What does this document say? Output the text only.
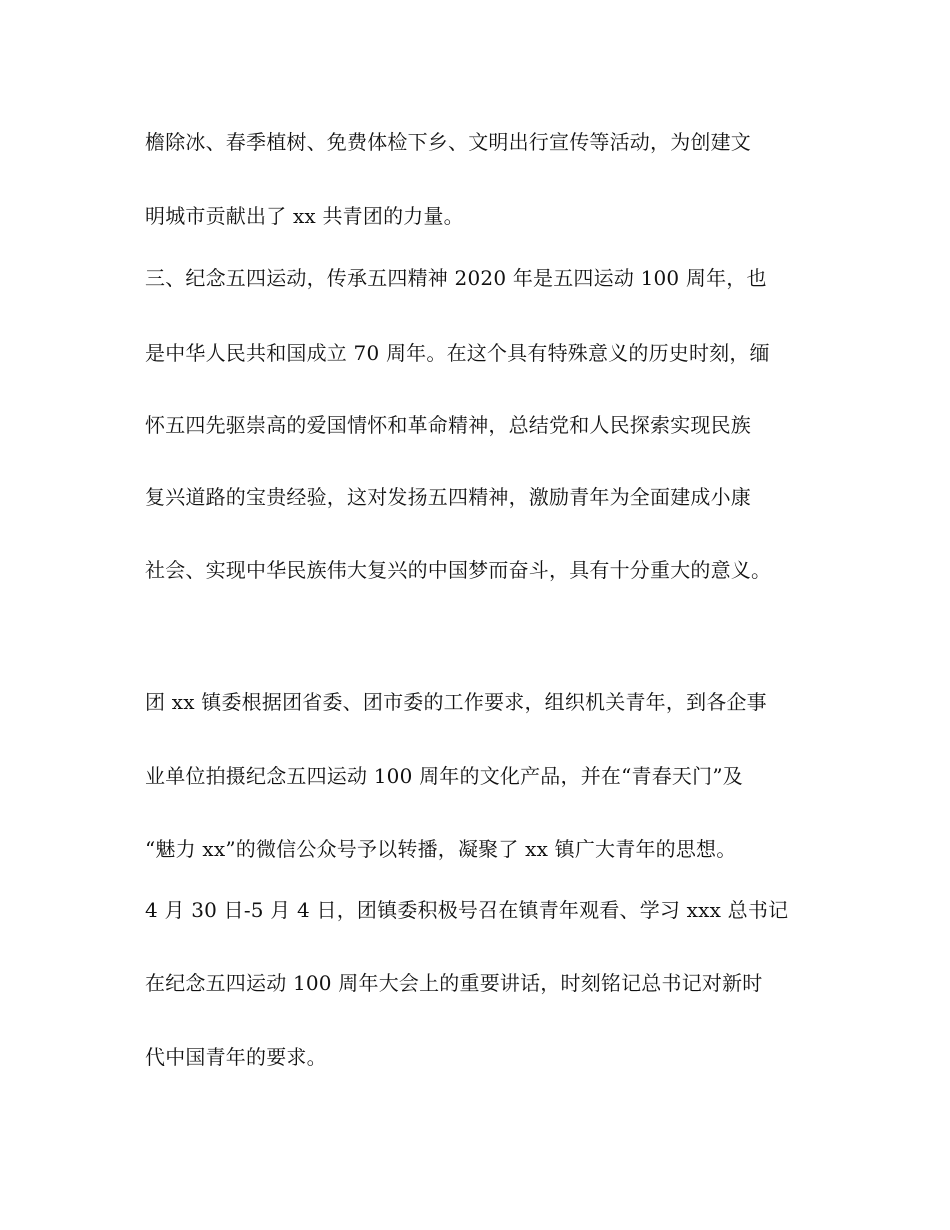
檐除冰、春季植树、免费体检下乡、文明出行宣传等活动，为创建文
明城市贡献出了 xx 共青团的力量。
三、纪念五四运动，传承五四精神 2020 年是五四运动 100 周年，也
是中华人民共和国成立 70 周年。在这个具有特殊意义的历史时刻，缅
怀五四先驱崇高的爱国情怀和革命精神，总结党和人民探索实现民族
复兴道路的宝贵经验，这对发扬五四精神，激励青年为全面建成小康
社会、实现中华民族伟大复兴的中国梦而奋斗，具有十分重大的意义。
团 xx 镇委根据团省委、团市委的工作要求，组织机关青年，到各企事
业单位拍摄纪念五四运动 100 周年的文化产品，并在“青春天门”及
“魅力 xx”的微信公众号予以转播，凝聚了 xx 镇广大青年的思想。
4 月 30 日-5 月 4 日，团镇委积极号召在镇青年观看、学习 xxx 总书记
在纪念五四运动 100 周年大会上的重要讲话，时刻铭记总书记对新时
代中国青年的要求。
